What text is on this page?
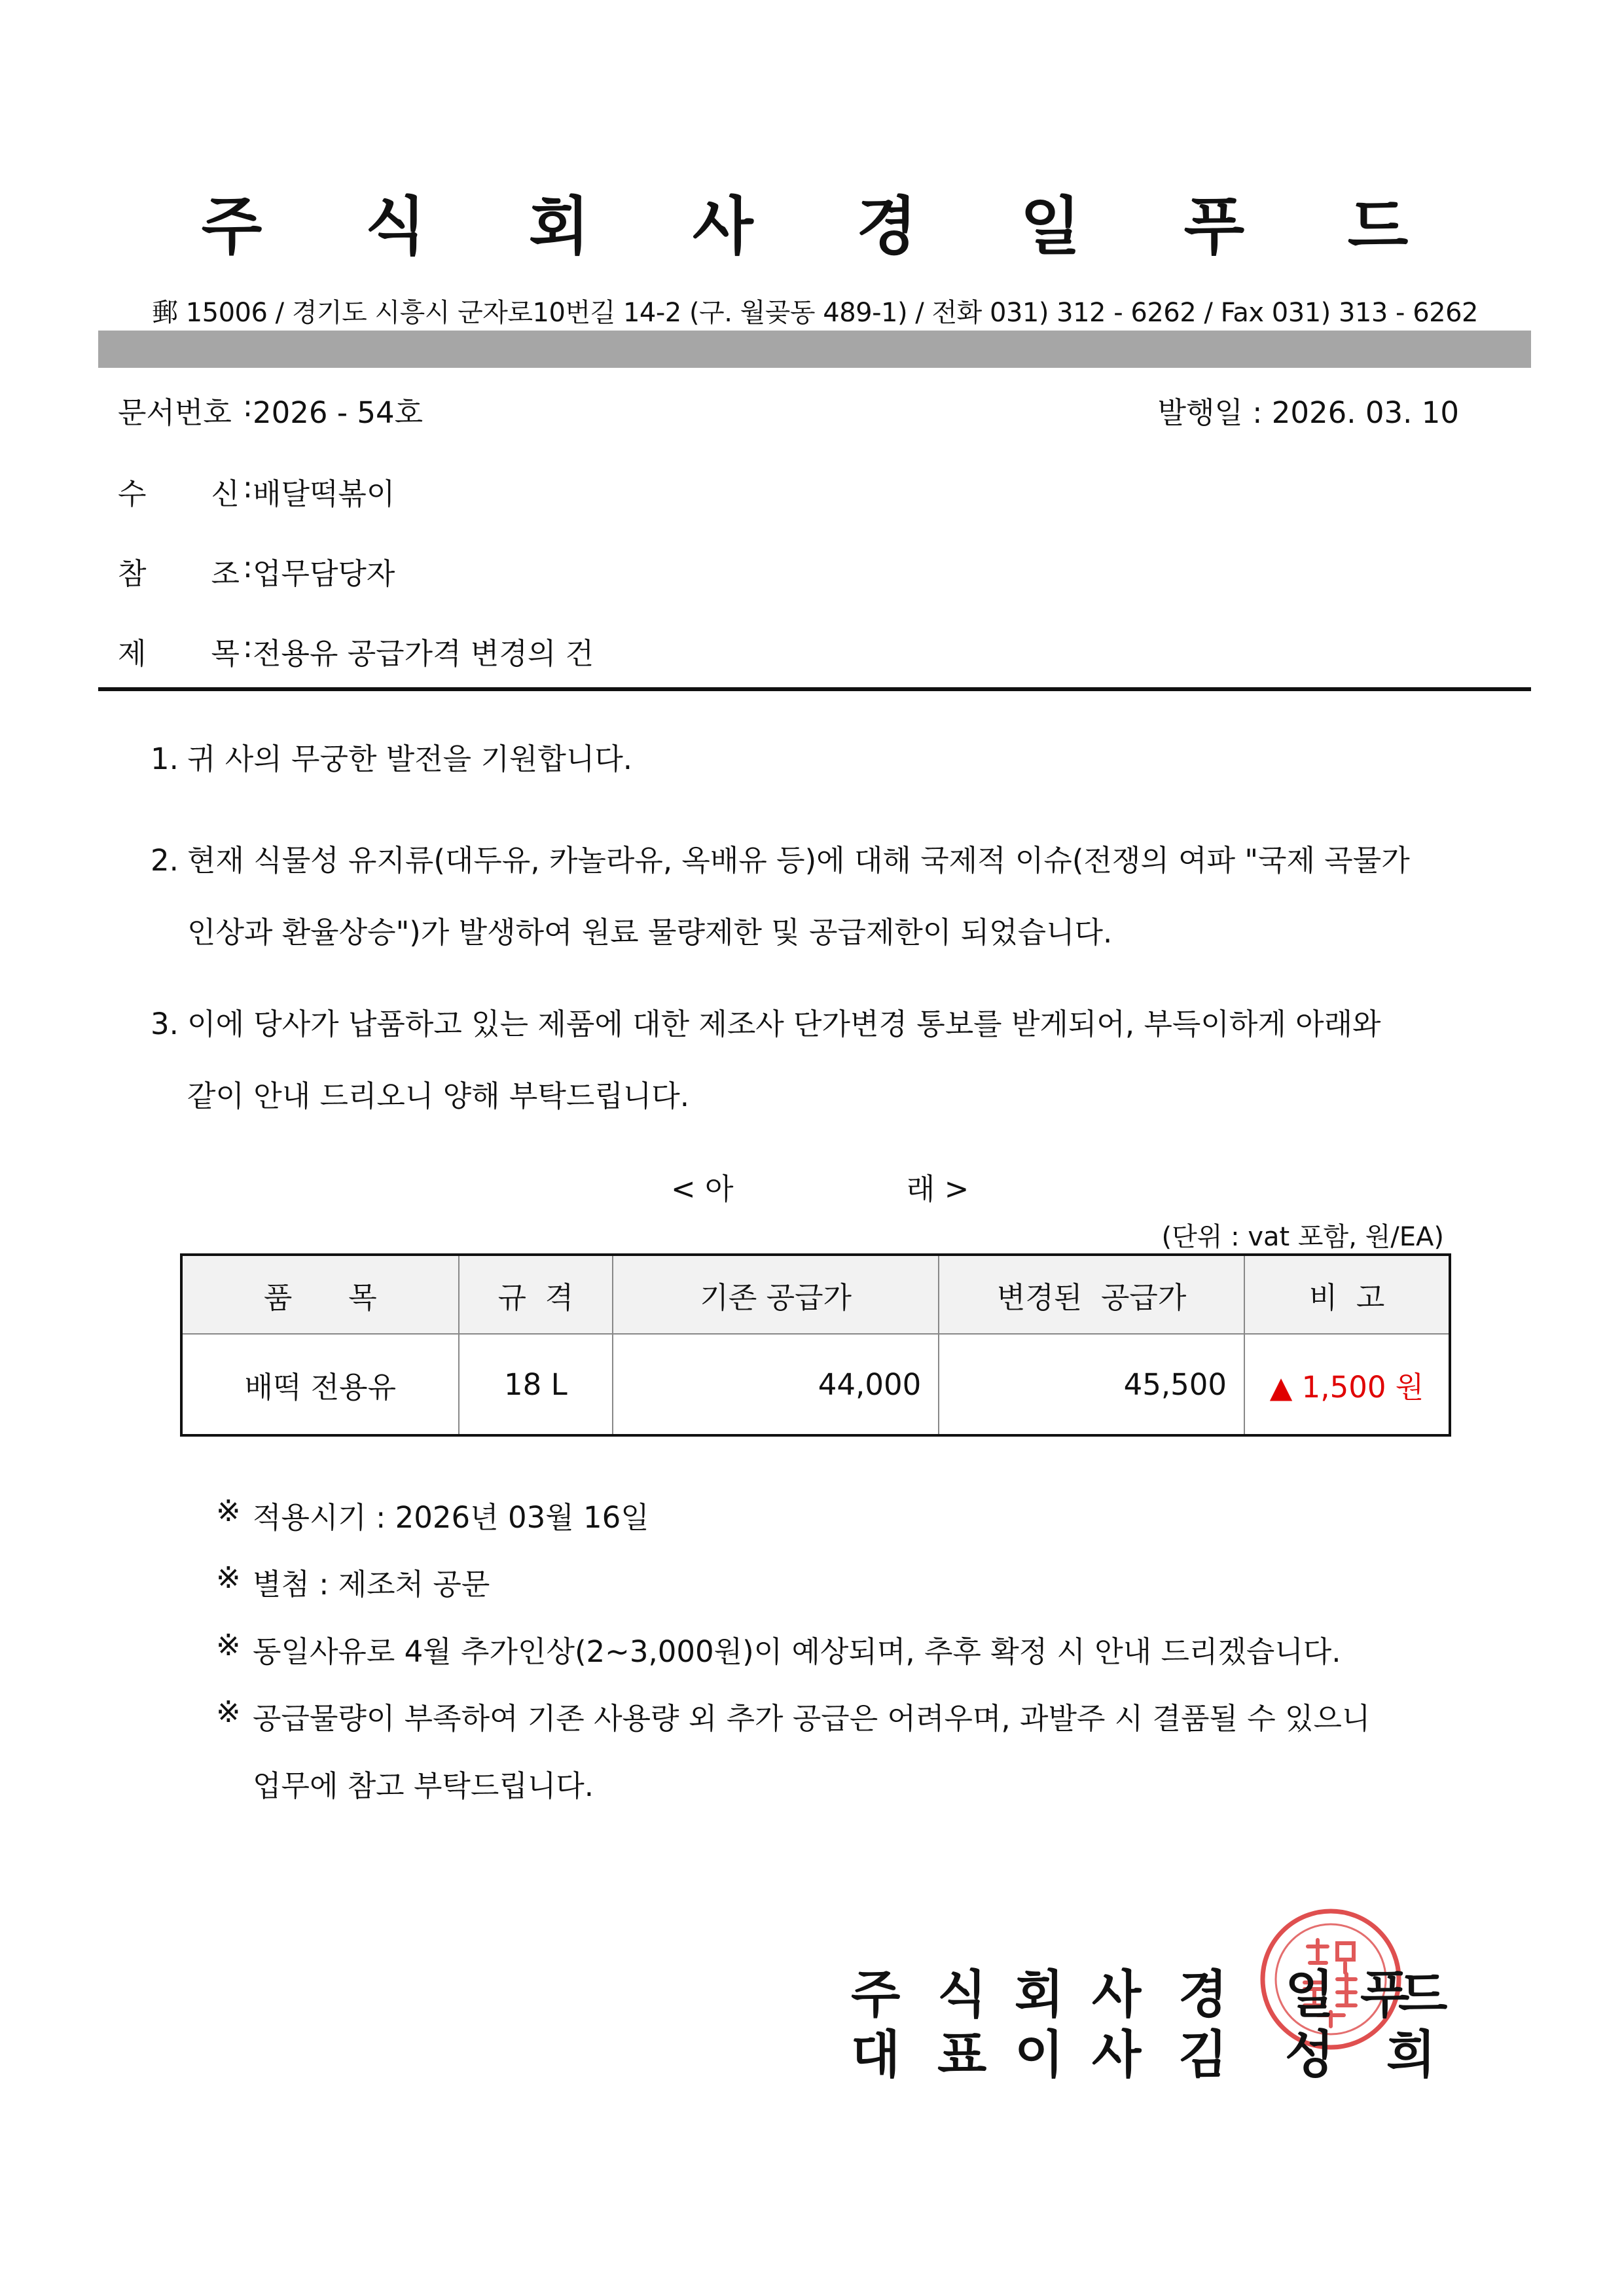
주 식 회 사 경 일 푸 드
郵 15006 / 경기도 시흥시 군자로10번길 14-2 (구. 월곶동 489-1) / 전화 031) 312 - 6262 / Fax 031) 313 - 6262
문서번호 : 2026 - 54호	발행일 : 2026. 03. 10
수 신 : 배달떡볶이
참 조 : 업무담당자
제 목 : 전용유 공급가격 변경의 건
1. 귀 사의 무궁한 발전을 기원합니다.
2. 현재 식물성 유지류(대두유, 카놀라유, 옥배유 등)에 대해 국제적 이슈(전쟁의 여파 "국제 곡물가
인상과 환율상승")가 발생하여 원료 물량제한 및 공급제한이 되었습니다.
3. 이에 당사가 납품하고 있는 제품에 대한 제조사 단가변경 통보를 받게되어, 부득이하게 아래와
같이 안내 드리오니 양해 부탁드립니다.
< 아	래 >
(단위 : vat 포함, 원/EA)
품      목	규  격	기존 공급가	변경된  공급가	비  고
배떡 전용유	18 L	44,000	45,500	▲ 1,500 원
※ 적용시기 : 2026년 03월 16일
※ 별첨 : 제조처 공문
※ 동일사유로 4월 추가인상(2~3,000원)이 예상되며, 추후 확정 시 안내 드리겠습니다.
※ 공급물량이 부족하여 기존 사용량 외 추가 공급은 어려우며, 과발주 시 결품될 수 있으니
업무에 참고 부탁드립니다.
주 식 회 사 경 일 푸
드
대 표 이 사 김 성 희
